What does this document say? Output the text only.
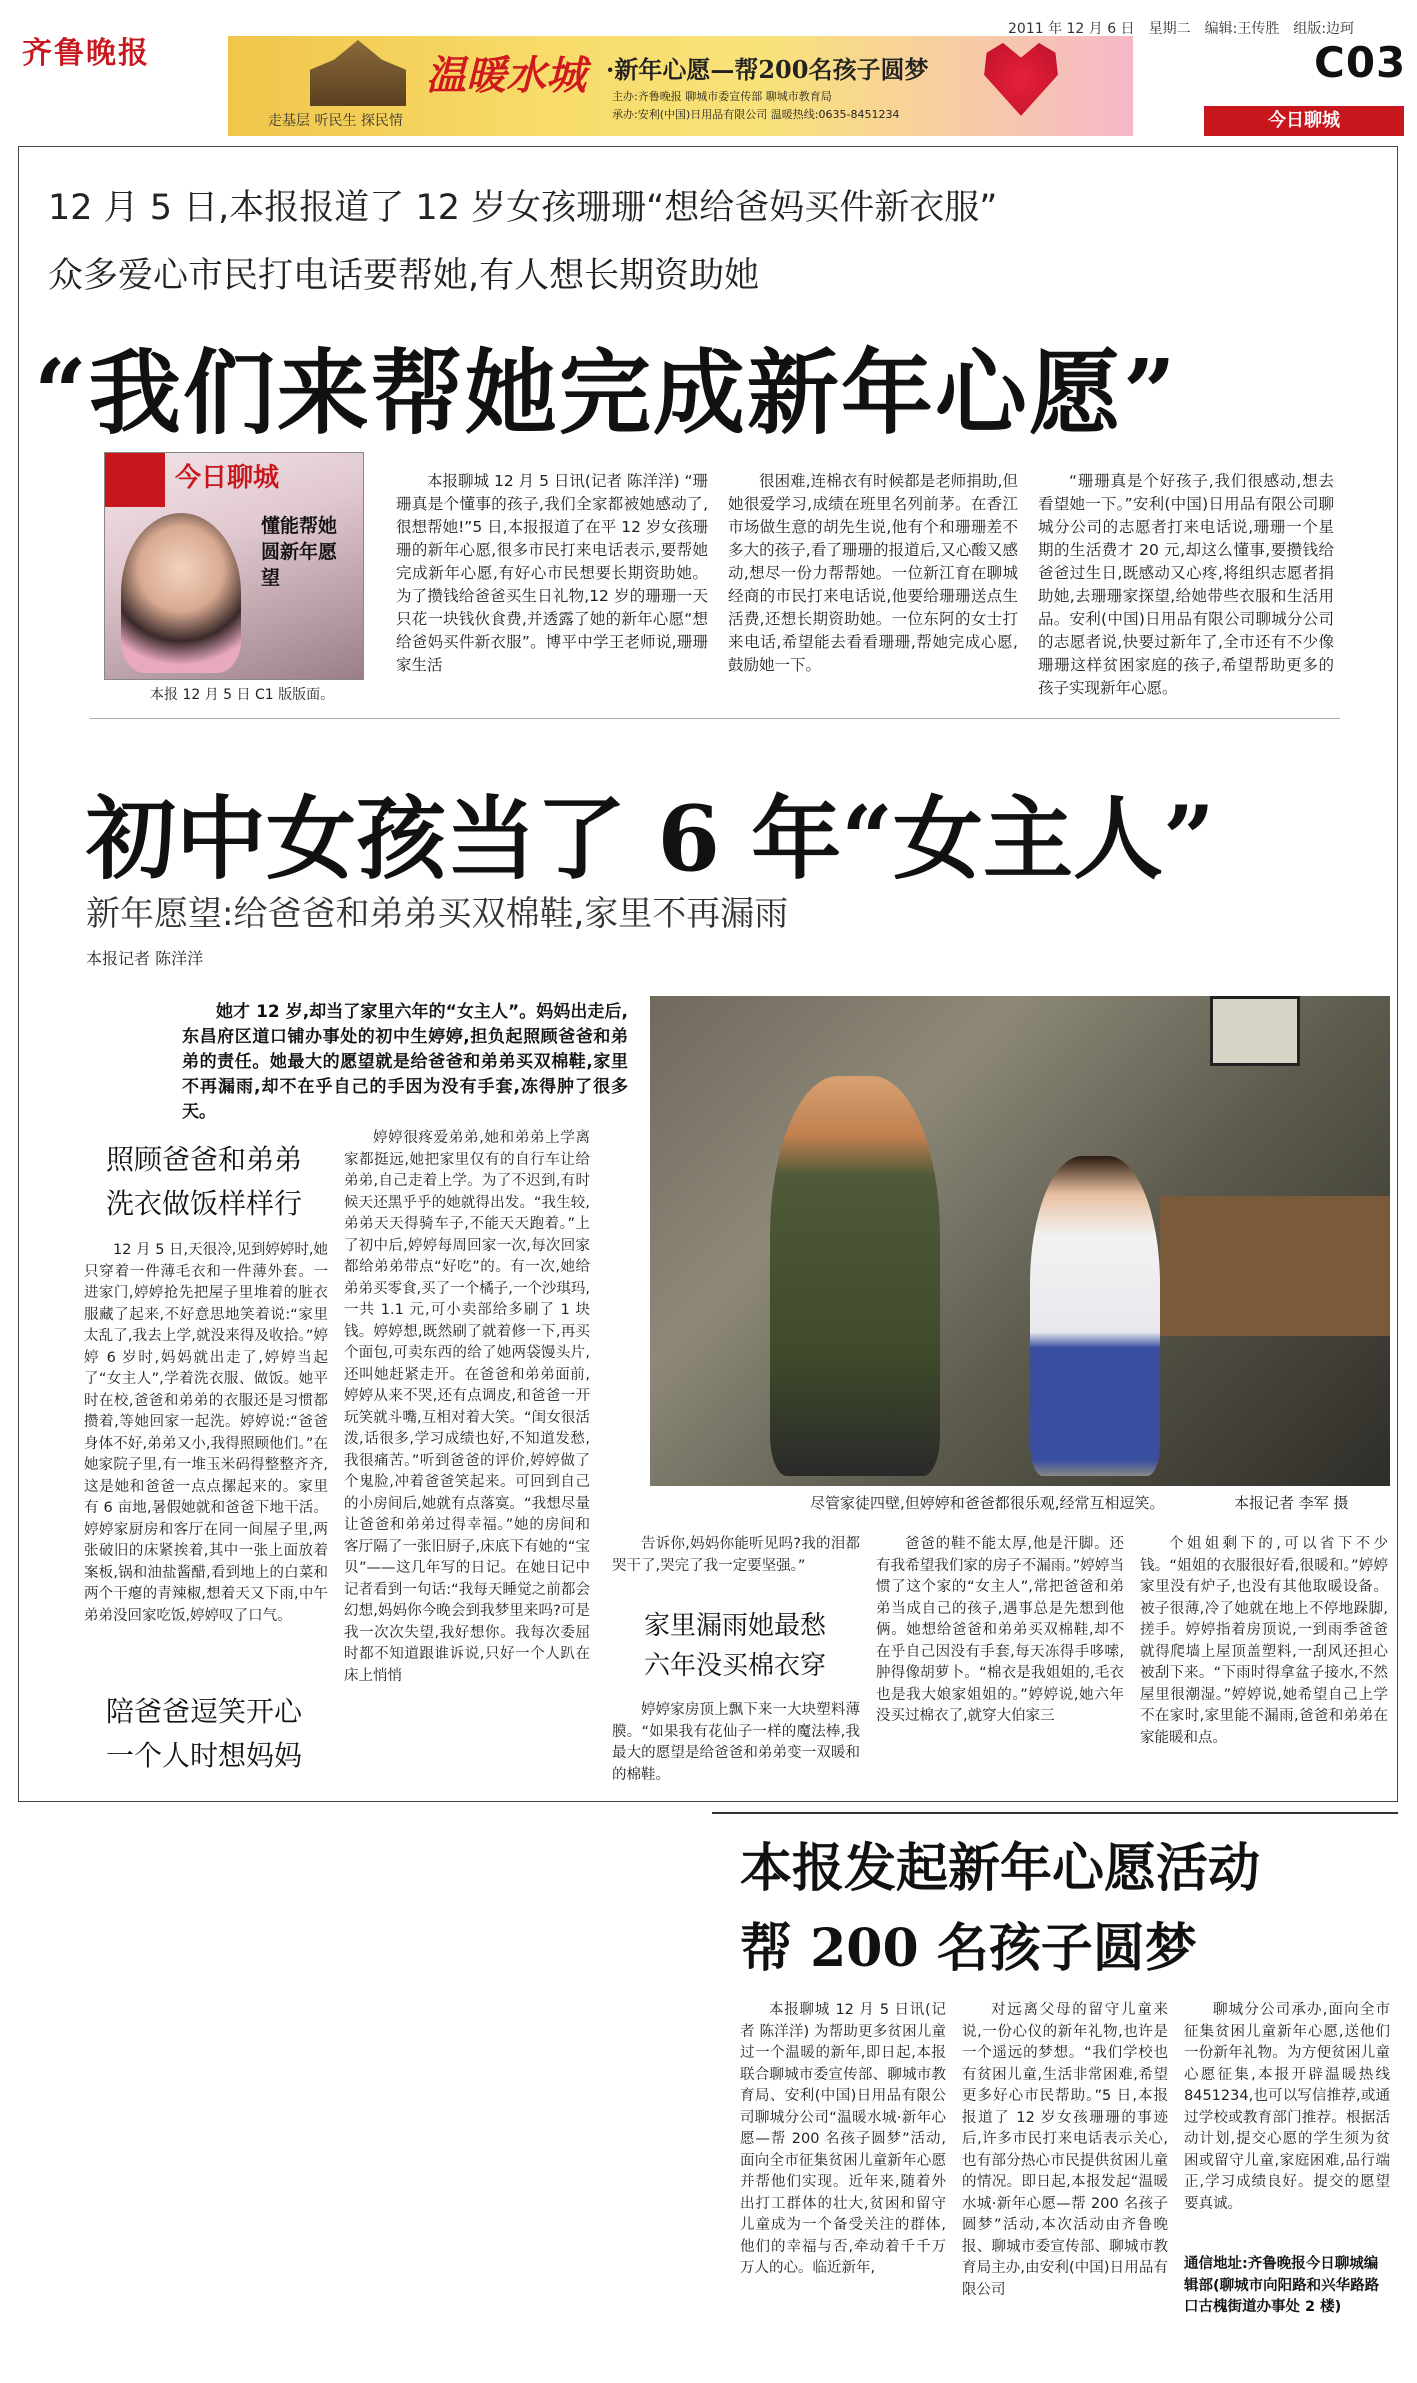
齐鲁晚报
走基层 听民生 探民情
温暖水城 ·新年心愿—帮200名孩子圆梦
主办:齐鲁晚报 聊城市委宣传部 聊城市教育局
承办:安利(中国)日用品有限公司 温暖热线:0635-8451234
2011 年 12 月 6 日 星期二 编辑:王传胜 组版:边珂
C03
今日聊城
12 月 5 日,本报报道了 12 岁女孩珊珊“想给爸妈买件新衣服”
众多爱心市民打电话要帮她,有人想长期资助她
“我们来帮她完成新年心愿”
今日聊城
懂能帮她圆新年愿望
本报 12 月 5 日 C1 版版面。

本报聊城 12 月 5 日讯(记者 陈洋洋) “珊珊真是个懂事的孩子,我们全家都被她感动了,很想帮她!”5 日,本报报道了在平 12 岁女孩珊珊的新年心愿,很多市民打来电话表示,要帮她完成新年心愿,有好心市民想要长期资助她。为了攒钱给爸爸买生日礼物,12 岁的珊珊一天只花一块钱伙食费,并透露了她的新年心愿“想给爸妈买件新衣服”。博平中学王老师说,珊珊家生活

很困难,连棉衣有时候都是老师捐助,但她很爱学习,成绩在班里名列前茅。在香江市场做生意的胡先生说,他有个和珊珊差不多大的孩子,看了珊珊的报道后,又心酸又感动,想尽一份力帮帮她。一位新江育在聊城经商的市民打来电话说,他要给珊珊送点生活费,还想长期资助她。一位东阿的女士打来电话,希望能去看看珊珊,帮她完成心愿,鼓励她一下。

“珊珊真是个好孩子,我们很感动,想去看望她一下。”安利(中国)日用品有限公司聊城分公司的志愿者打来电话说,珊珊一个星期的生活费才 20 元,却这么懂事,要攒钱给爸爸过生日,既感动又心疼,将组织志愿者捐助她,去珊珊家探望,给她带些衣服和生活用品。安利(中国)日用品有限公司聊城分公司的志愿者说,快要过新年了,全市还有不少像珊珊这样贫困家庭的孩子,希望帮助更多的孩子实现新年心愿。

初中女孩当了 6 年“女主人”
新年愿望:给爸爸和弟弟买双棉鞋,家里不再漏雨
本报记者 陈洋洋

她才 12 岁,却当了家里六年的“女主人”。妈妈出走后,东昌府区道口铺办事处的初中生婷婷,担负起照顾爸爸和弟弟的责任。她最大的愿望就是给爸爸和弟弟买双棉鞋,家里不再漏雨,却不在乎自己的手因为没有手套,冻得肿了很多天。

照顾爸爸和弟弟
洗衣做饭样样行

12 月 5 日,天很冷,见到婷婷时,她只穿着一件薄毛衣和一件薄外套。一进家门,婷婷抢先把屋子里堆着的脏衣服藏了起来,不好意思地笑着说:“家里太乱了,我去上学,就没来得及收拾。”婷婷 6 岁时,妈妈就出走了,婷婷当起了“女主人”,学着洗衣服、做饭。她平时在校,爸爸和弟弟的衣服还是习惯都攒着,等她回家一起洗。婷婷说:“爸爸身体不好,弟弟又小,我得照顾他们。”在她家院子里,有一堆玉米码得整整齐齐,这是她和爸爸一点点摞起来的。家里有 6 亩地,暑假她就和爸爸下地干活。婷婷家厨房和客厅在同一间屋子里,两张破旧的床紧挨着,其中一张上面放着案板,锅和油盐酱醋,看到地上的白菜和两个干瘪的青辣椒,想着天又下雨,中午弟弟没回家吃饭,婷婷叹了口气。

陪爸爸逗笑开心
一个人时想妈妈

婷婷很疼爱弟弟,她和弟弟上学离家都挺远,她把家里仅有的自行车让给弟弟,自己走着上学。为了不迟到,有时候天还黑乎乎的她就得出发。“我生较,弟弟天天得骑车子,不能天天跑着。”上了初中后,婷婷每周回家一次,每次回家都给弟弟带点“好吃”的。有一次,她给弟弟买零食,买了一个橘子,一个沙琪玛,一共 1.1 元,可小卖部给多刷了 1 块钱。婷婷想,既然刷了就着修一下,再买个面包,可卖东西的给了她两袋馒头片,还叫她赶紧走开。在爸爸和弟弟面前,婷婷从来不哭,还有点调皮,和爸爸一开玩笑就斗嘴,互相对着大笑。“闺女很活泼,话很多,学习成绩也好,不知道发愁,我很痛苦。”听到爸爸的评价,婷婷做了个鬼脸,冲着爸爸笑起来。可回到自己的小房间后,她就有点落寞。“我想尽量让爸爸和弟弟过得幸福。”她的房间和客厅隔了一张旧厨子,床底下有她的“宝贝”——这几年写的日记。在她日记中记者看到一句话:“我每天睡觉之前都会幻想,妈妈你今晚会到我梦里来吗?可是我一次次失望,我好想你。我每次委屈时都不知道跟谁诉说,只好一个人趴在床上悄悄

尽管家徒四壁,但婷婷和爸爸都很乐观,经常互相逗笑。	本报记者 李军 摄

告诉你,妈妈你能听见吗?我的泪都哭干了,哭完了我一定要坚强。”

家里漏雨她最愁
六年没买棉衣穿

婷婷家房顶上飘下来一大块塑料薄膜。“如果我有花仙子一样的魔法棒,我最大的愿望是给爸爸和弟弟变一双暖和的棉鞋。

爸爸的鞋不能太厚,他是汗脚。还有我希望我们家的房子不漏雨。”婷婷当惯了这个家的“女主人”,常把爸爸和弟弟当成自己的孩子,遇事总是先想到他俩。她想给爸爸和弟弟买双棉鞋,却不在乎自己因没有手套,每天冻得手哆嗦,肿得像胡萝卜。“棉衣是我姐姐的,毛衣也是我大娘家姐姐的。”婷婷说,她六年没买过棉衣了,就穿大伯家三

个姐姐剩下的,可以省下不少钱。“姐姐的衣服很好看,很暖和。”婷婷家里没有炉子,也没有其他取暖设备。被子很薄,冷了她就在地上不停地跺脚,搓手。婷婷指着房顶说,一到雨季爸爸就得爬墙上屋顶盖塑料,一刮风还担心被刮下来。“下雨时得拿盆子接水,不然屋里很潮湿。”婷婷说,她希望自己上学不在家时,家里能不漏雨,爸爸和弟弟在家能暖和点。

本报发起新年心愿活动
帮 200 名孩子圆梦

本报聊城 12 月 5 日讯(记者 陈洋洋) 为帮助更多贫困儿童过一个温暖的新年,即日起,本报联合聊城市委宣传部、聊城市教育局、安利(中国)日用品有限公司聊城分公司“温暖水城·新年心愿—帮 200 名孩子圆梦”活动,面向全市征集贫困儿童新年心愿并帮他们实现。近年来,随着外出打工群体的壮大,贫困和留守儿童成为一个备受关注的群体,他们的幸福与否,牵动着千千万万人的心。临近新年,

对远离父母的留守儿童来说,一份心仪的新年礼物,也许是一个遥远的梦想。“我们学校也有贫困儿童,生活非常困难,希望更多好心市民帮助。”5 日,本报报道了 12 岁女孩珊珊的事迹后,许多市民打来电话表示关心,也有部分热心市民提供贫困儿童的情况。即日起,本报发起“温暖水城·新年心愿—帮 200 名孩子圆梦”活动,本次活动由齐鲁晚报、聊城市委宣传部、聊城市教育局主办,由安利(中国)日用品有限公司

聊城分公司承办,面向全市征集贫困儿童新年心愿,送他们一份新年礼物。为方便贫困儿童心愿征集,本报开辟温暖热线 8451234,也可以写信推荐,或通过学校或教育部门推荐。根据活动计划,提交心愿的学生须为贫困或留守儿童,家庭困难,品行端正,学习成绩良好。提交的愿望要真诚。

通信地址:齐鲁晚报今日聊城编辑部(聊城市向阳路和兴华路路口古槐街道办事处 2 楼)
